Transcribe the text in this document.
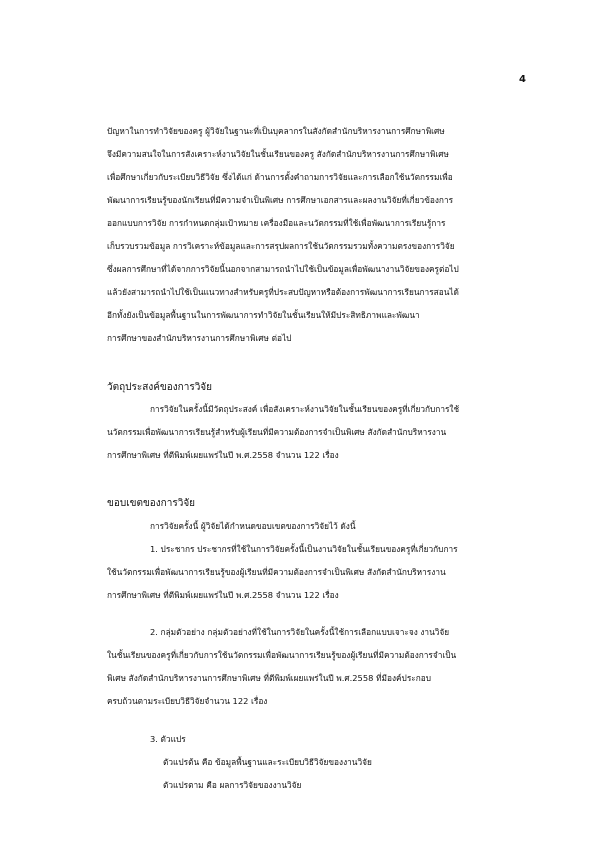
4
ปัญหาในการทำวิจัยของครู ผู้วิจัยในฐานะที่เป็นบุคลากรในสังกัดสำนักบริหารงานการศึกษาพิเศษ
จึงมีความสนใจในการสังเคราะห์งานวิจัยในชั้นเรียนของครู สังกัดสำนักบริหารงานการศึกษาพิเศษ
เพื่อศึกษาเกี่ยวกับระเบียบวิธีวิจัย ซึ่งได้แก่ ด้านการตั้งคำถามการวิจัยและการเลือกใช้นวัตกรรมเพื่อ
พัฒนาการเรียนรู้ของนักเรียนที่มีความจำเป็นพิเศษ การศึกษาเอกสารและผลงานวิจัยที่เกี่ยวข้องการ
ออกแบบการวิจัย การกำหนดกลุ่มเป้าหมาย เครื่องมือและนวัตกรรมที่ใช้เพื่อพัฒนาการเรียนรู้การ
เก็บรวบรวมข้อมูล การวิเคราะห์ข้อมูลและการสรุปผลการใช้นวัตกรรมรวมทั้งความตรงของการวิจัย
ซึ่งผลการศึกษาที่ได้จากการวิจัยนี้นอกจากสามารถนำไปใช้เป็นข้อมูลเพื่อพัฒนางานวิจัยของครูต่อไป
แล้วยังสามารถนำไปใช้เป็นแนวทางสำหรับครูที่ประสบปัญหาหรือต้องการพัฒนาการเรียนการสอนได้
อีกทั้งยังเป็นข้อมูลพื้นฐานในการพัฒนาการทำวิจัยในชั้นเรียนให้มีประสิทธิภาพและพัฒนา
การศึกษาของสำนักบริหารงานการศึกษาพิเศษ ต่อไป
วัตถุประสงค์ของการวิจัย
การวิจัยในครั้งนี้มีวัตถุประสงค์ เพื่อสังเคราะห์งานวิจัยในชั้นเรียนของครูที่เกี่ยวกับการใช้
นวัตกรรมเพื่อพัฒนาการเรียนรู้สำหรับผู้เรียนที่มีความต้องการจำเป็นพิเศษ สังกัดสำนักบริหารงาน
การศึกษาพิเศษ ที่ตีพิมพ์เผยแพร่ในปี พ.ศ.2558 จำนวน 122 เรื่อง
ขอบเขตของการวิจัย
การวิจัยครั้งนี้ ผู้วิจัยได้กำหนดขอบเขตของการวิจัยไว้ ดังนี้
1. ประชากร ประชากรที่ใช้ในการวิจัยครั้งนี้เป็นงานวิจัยในชั้นเรียนของครูที่เกี่ยวกับการ
ใช้นวัตกรรมเพื่อพัฒนาการเรียนรู้ของผู้เรียนที่มีความต้องการจำเป็นพิเศษ สังกัดสำนักบริหารงาน
การศึกษาพิเศษ ที่ตีพิมพ์เผยแพร่ในปี พ.ศ.2558 จำนวน 122 เรื่อง
2. กลุ่มตัวอย่าง กลุ่มตัวอย่างที่ใช้ในการวิจัยในครั้งนี้ใช้การเลือกแบบเจาะจง งานวิจัย
ในชั้นเรียนของครูที่เกี่ยวกับการใช้นวัตกรรมเพื่อพัฒนาการเรียนรู้ของผู้เรียนที่มีความต้องการจำเป็น
พิเศษ สังกัดสำนักบริหารงานการศึกษาพิเศษ ที่ตีพิมพ์เผยแพร่ในปี พ.ศ.2558 ที่มีองค์ประกอบ
ครบถ้วนตามระเบียบวิธีวิจัยจำนวน 122 เรื่อง
3. ตัวแปร
ตัวแปรต้น คือ ข้อมูลพื้นฐานและระเบียบวิธีวิจัยของงานวิจัย
ตัวแปรตาม คือ ผลการวิจัยของงานวิจัย
